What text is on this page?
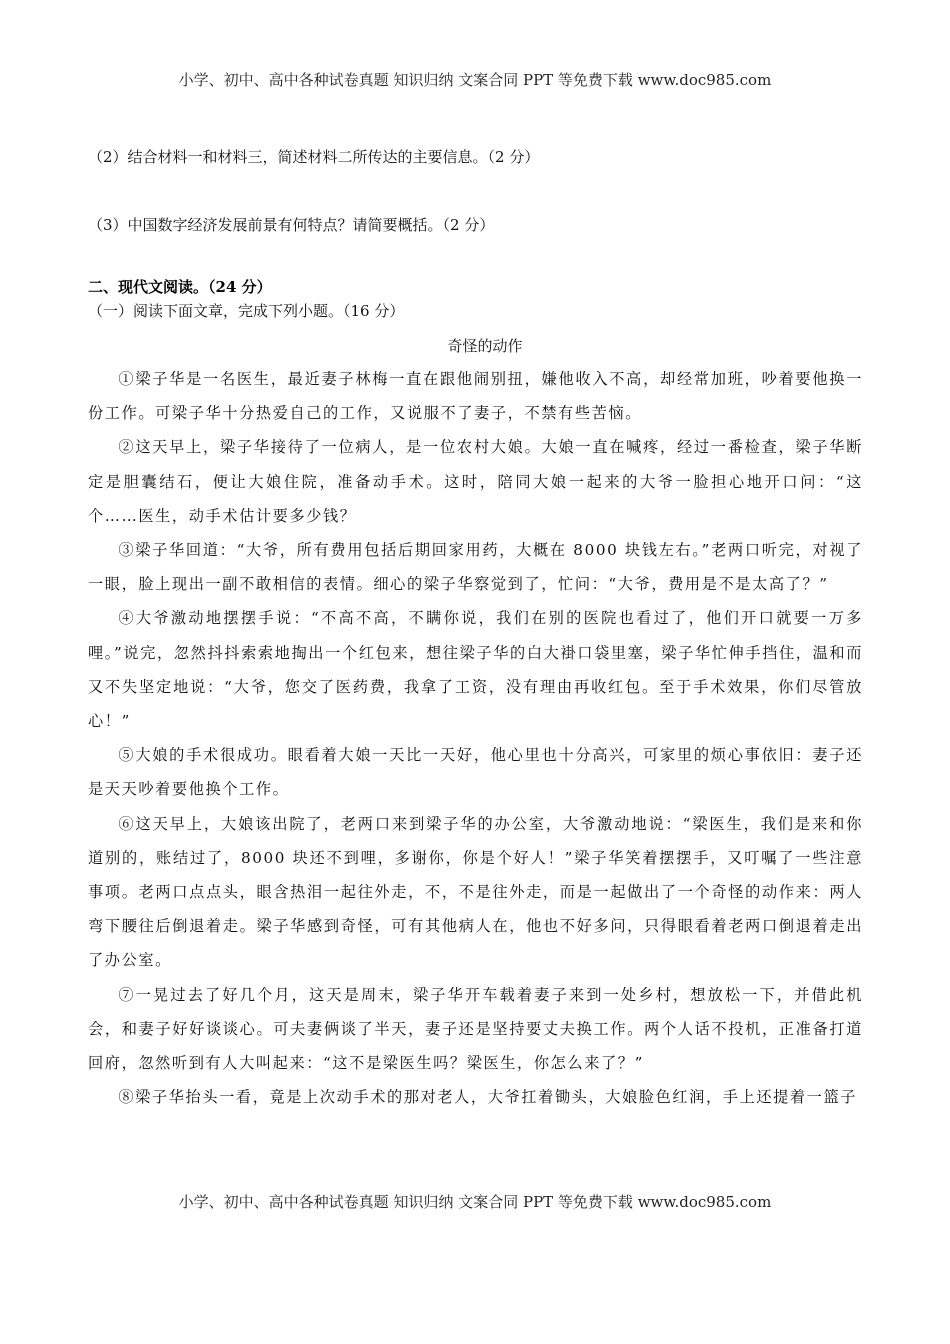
小学、初中、高中各种试卷真题 知识归纳 文案合同 PPT 等免费下载 www.doc985.com
（2）结合材料一和材料三，简述材料二所传达的主要信息。（2 分）
（3）中国数字经济发展前景有何特点？请简要概括。（2 分）
二、现代文阅读。（24 分）
（一）阅读下面文章，完成下列小题。（16 分）
奇怪的动作

①梁子华是一名医生，最近妻子林梅一直在跟他闹别扭，嫌他收入不高，却经常加班，吵着要他换一份工作。可梁子华十分热爱自己的工作，又说服不了妻子，不禁有些苦恼。

②这天早上，梁子华接待了一位病人，是一位农村大娘。大娘一直在喊疼，经过一番检查，梁子华断定是胆囊结石，便让大娘住院，准备动手术。这时，陪同大娘一起来的大爷一脸担心地开口问：“这个……医生，动手术估计要多少钱？

③梁子华回道：“大爷，所有费用包括后期回家用药，大概在 8000 块钱左右。”老两口听完，对视了一眼，脸上现出一副不敢相信的表情。细心的梁子华察觉到了，忙问：“大爷，费用是不是太高了？”

④大爷激动地摆摆手说：“不高不高，不瞒你说，我们在别的医院也看过了，他们开口就要一万多哩。”说完，忽然抖抖索索地掏出一个红包来，想往梁子华的白大褂口袋里塞，梁子华忙伸手挡住，温和而又不失坚定地说：“大爷，您交了医药费，我拿了工资，没有理由再收红包。至于手术效果，你们尽管放心！”

⑤大娘的手术很成功。眼看着大娘一天比一天好，他心里也十分高兴，可家里的烦心事依旧：妻子还是天天吵着要他换个工作。

⑥这天早上，大娘该出院了，老两口来到梁子华的办公室，大爷激动地说：“梁医生，我们是来和你道别的，账结过了，8000 块还不到哩，多谢你，你是个好人！”梁子华笑着摆摆手，又叮嘱了一些注意事项。老两口点点头，眼含热泪一起往外走，不，不是往外走，而是一起做出了一个奇怪的动作来：两人弯下腰往后倒退着走。梁子华感到奇怪，可有其他病人在，他也不好多问，只得眼看着老两口倒退着走出了办公室。

⑦一晃过去了好几个月，这天是周末，梁子华开车载着妻子来到一处乡村，想放松一下，并借此机会，和妻子好好谈谈心。可夫妻俩谈了半天，妻子还是坚持要丈夫换工作。两个人话不投机，正准备打道回府，忽然听到有人大叫起来：“这不是梁医生吗？梁医生，你怎么来了？”

⑧梁子华抬头一看，竟是上次动手术的那对老人，大爷扛着锄头，大娘脸色红润，手上还提着一篮子

小学、初中、高中各种试卷真题 知识归纳 文案合同 PPT 等免费下载 www.doc985.com
